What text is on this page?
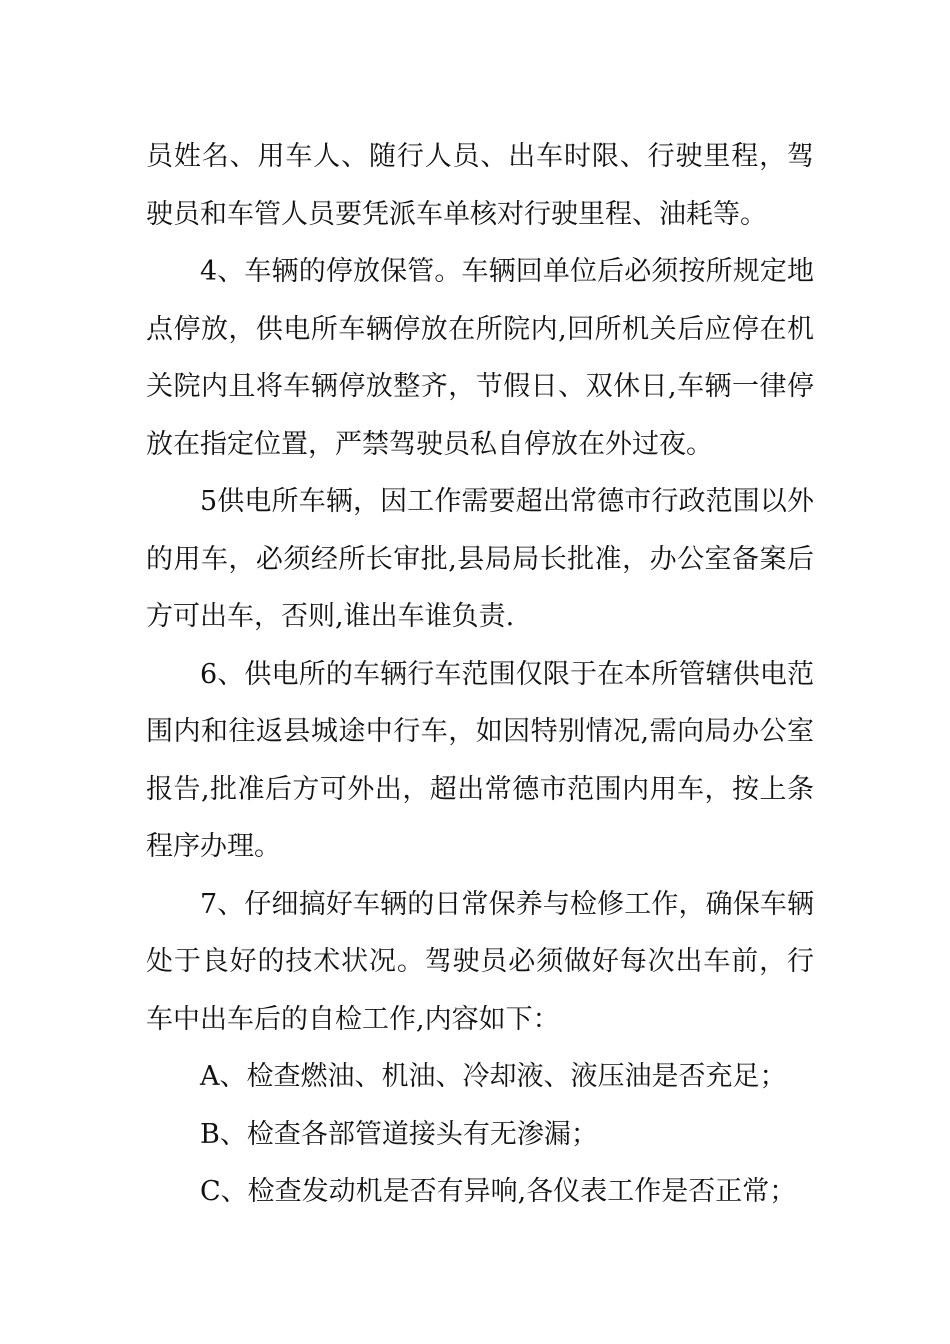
员姓名、用车人、随行人员、出车时限、行驶里程，驾驶员和车管人员要凭派车单核对行驶里程、油耗等。

4、车辆的停放保管。车辆回单位后必须按所规定地点停放，供电所车辆停放在所院内,回所机关后应停在机关院内且将车辆停放整齐，节假日、双休日,车辆一律停放在指定位置，严禁驾驶员私自停放在外过夜。

5供电所车辆，因工作需要超出常德市行政范围以外的用车，必须经所长审批,县局局长批准，办公室备案后方可出车，否则,谁出车谁负责.

6、供电所的车辆行车范围仅限于在本所管辖供电范围内和往返县城途中行车，如因特别情况,需向局办公室报告,批准后方可外出，超出常德市范围内用车，按上条程序办理。

7、仔细搞好车辆的日常保养与检修工作，确保车辆处于良好的技术状况。驾驶员必须做好每次出车前，行车中出车后的自检工作,内容如下：

A、检查燃油、机油、冷却液、液压油是否充足；

B、检查各部管道接头有无渗漏；

C、检查发动机是否有异响,各仪表工作是否正常；
